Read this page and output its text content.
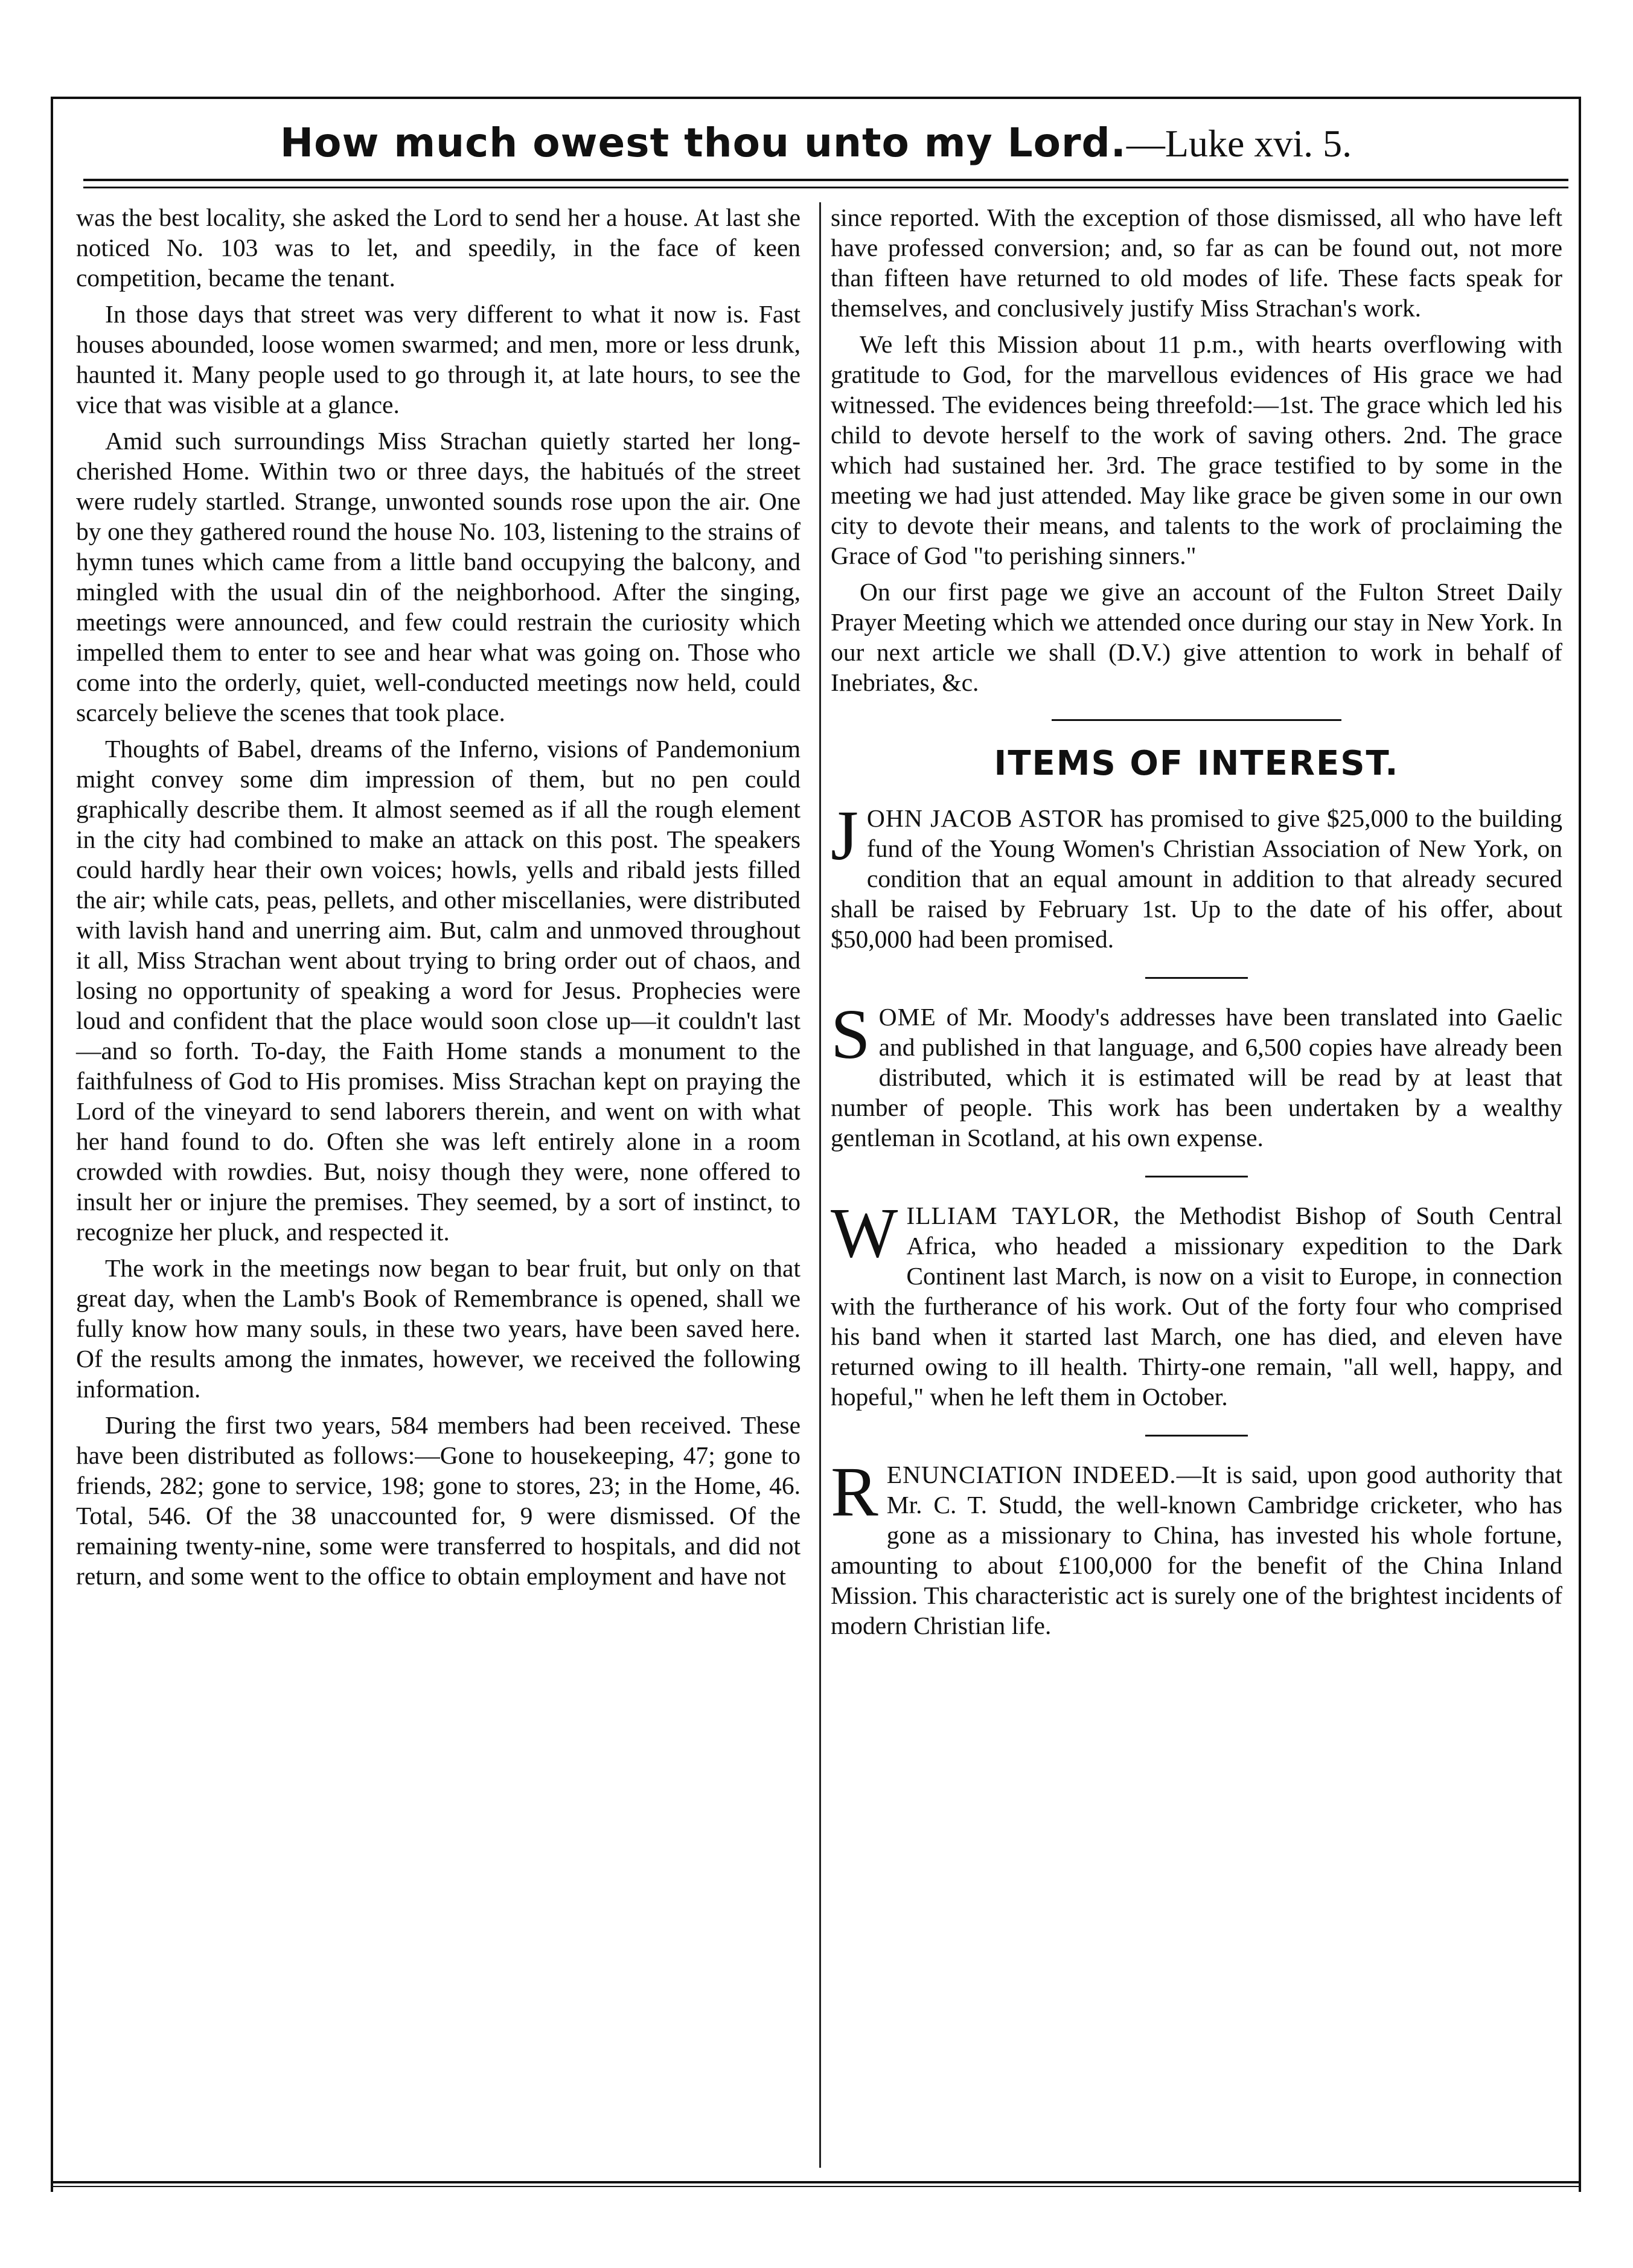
How much owest thou unto my Lord.—Luke xvi. 5.

was the best locality, she asked the Lord to send her a house. At last she noticed No. 103 was to let, and speedily, in the face of keen competition, became the tenant.

In those days that street was very different to what it now is. Fast houses abounded, loose women swarmed; and men, more or less drunk, haunted it. Many people used to go through it, at late hours, to see the vice that was visible at a glance.

Amid such surroundings Miss Strachan quietly started her long-cherished Home. Within two or three days, the habitués of the street were rudely startled. Strange, unwonted sounds rose upon the air. One by one they gathered round the house No. 103, listening to the strains of hymn tunes which came from a little band occupying the balcony, and mingled with the usual din of the neighborhood. After the singing, meetings were announced, and few could restrain the curiosity which impelled them to enter to see and hear what was going on. Those who come into the orderly, quiet, well-conducted meetings now held, could scarcely believe the scenes that took place.

Thoughts of Babel, dreams of the Inferno, visions of Pandemonium might convey some dim impression of them, but no pen could graphically describe them. It almost seemed as if all the rough element in the city had combined to make an attack on this post. The speakers could hardly hear their own voices; howls, yells and ribald jests filled the air; while cats, peas, pellets, and other miscellanies, were distributed with lavish hand and unerring aim. But, calm and unmoved throughout it all, Miss Strachan went about trying to bring order out of chaos, and losing no opportunity of speaking a word for Jesus. Prophecies were loud and confident that the place would soon close up—it couldn't last—and so forth. To-day, the Faith Home stands a monument to the faithfulness of God to His promises. Miss Strachan kept on praying the Lord of the vineyard to send laborers therein, and went on with what her hand found to do. Often she was left entirely alone in a room crowded with rowdies. But, noisy though they were, none offered to insult her or injure the premises. They seemed, by a sort of instinct, to recognize her pluck, and respected it.

The work in the meetings now began to bear fruit, but only on that great day, when the Lamb's Book of Remembrance is opened, shall we fully know how many souls, in these two years, have been saved here. Of the results among the inmates, however, we received the following information.

During the first two years, 584 members had been received. These have been distributed as follows:—Gone to housekeeping, 47; gone to friends, 282; gone to service, 198; gone to stores, 23; in the Home, 46. Total, 546. Of the 38 unaccounted for, 9 were dismissed. Of the remaining twenty-nine, some were transferred to hospitals, and did not return, and some went to the office to obtain employment and have not

since reported. With the exception of those dismissed, all who have left have professed conversion; and, so far as can be found out, not more than fifteen have returned to old modes of life. These facts speak for themselves, and conclusively justify Miss Strachan's work.

We left this Mission about 11 p.m., with hearts overflowing with gratitude to God, for the marvellous evidences of His grace we had witnessed. The evidences being threefold:—1st. The grace which led his child to devote herself to the work of saving others. 2nd. The grace which had sustained her. 3rd. The grace testified to by some in the meeting we had just attended. May like grace be given some in our own city to devote their means, and talents to the work of proclaiming the Grace of God "to perishing sinners."

On our first page we give an account of the Fulton Street Daily Prayer Meeting which we attended once during our stay in New York. In our next article we shall (D.V.) give attention to work in behalf of Inebriates, &c.

ITEMS OF INTEREST.

JOHN JACOB ASTOR has promised to give $25,000 to the building fund of the Young Women's Christian Association of New York, on condition that an equal amount in addition to that already secured shall be raised by February 1st. Up to the date of his offer, about $50,000 had been promised.

SOME of Mr. Moody's addresses have been translated into Gaelic and published in that language, and 6,500 copies have already been distributed, which it is estimated will be read by at least that number of people. This work has been undertaken by a wealthy gentleman in Scotland, at his own expense.

WILLIAM TAYLOR, the Methodist Bishop of South Central Africa, who headed a missionary expedition to the Dark Continent last March, is now on a visit to Europe, in connection with the furtherance of his work. Out of the forty four who comprised his band when it started last March, one has died, and eleven have returned owing to ill health. Thirty-one remain, "all well, happy, and hopeful," when he left them in October.

RENUNCIATION INDEED.—It is said, upon good authority that Mr. C. T. Studd, the well-known Cambridge cricketer, who has gone as a missionary to China, has invested his whole fortune, amounting to about £100,000 for the benefit of the China Inland Mission. This characteristic act is surely one of the brightest incidents of modern Christian life.
